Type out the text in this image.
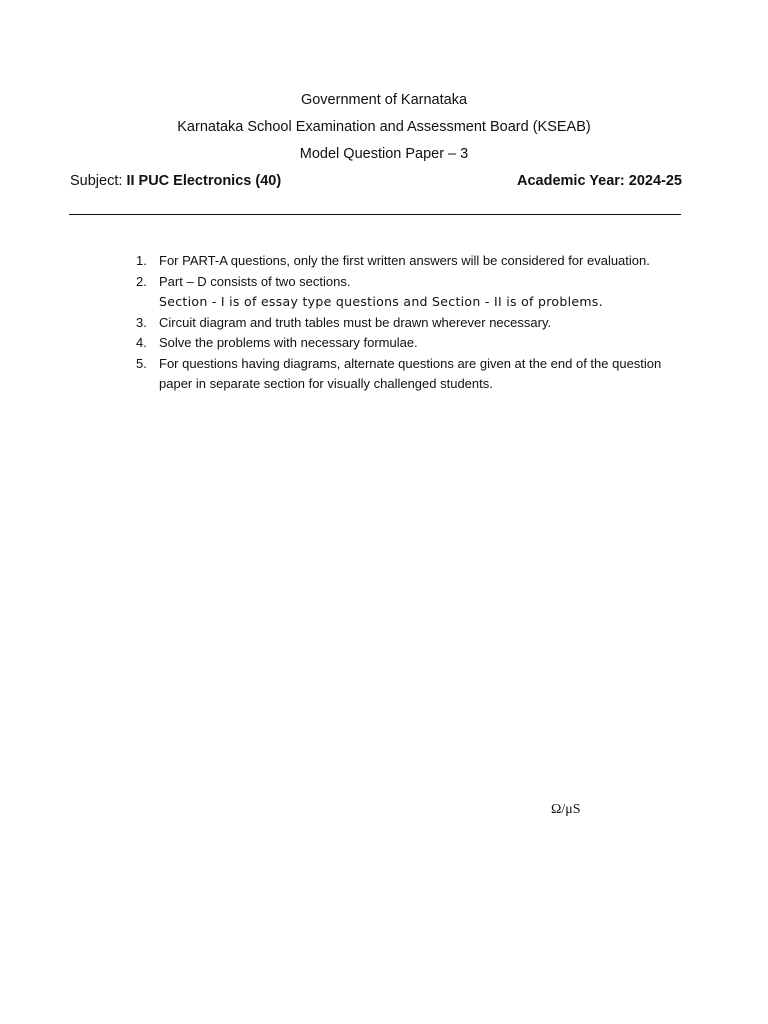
Government of Karnataka
Karnataka School Examination and Assessment Board (KSEAB)
Model Question Paper – 3
Subject: II PUC Electronics (40)	Academic Year: 2024-25
1. For PART-A questions, only the first written answers will be considered for evaluation.
2. Part – D consists of two sections.
Section - I is of essay type questions and Section - II is of problems.
3. Circuit diagram and truth tables must be drawn wherever necessary.
4. Solve the problems with necessary formulae.
5. For questions having diagrams, alternate questions are given at the end of the question paper in separate section for visually challenged students.
Ω/μS
